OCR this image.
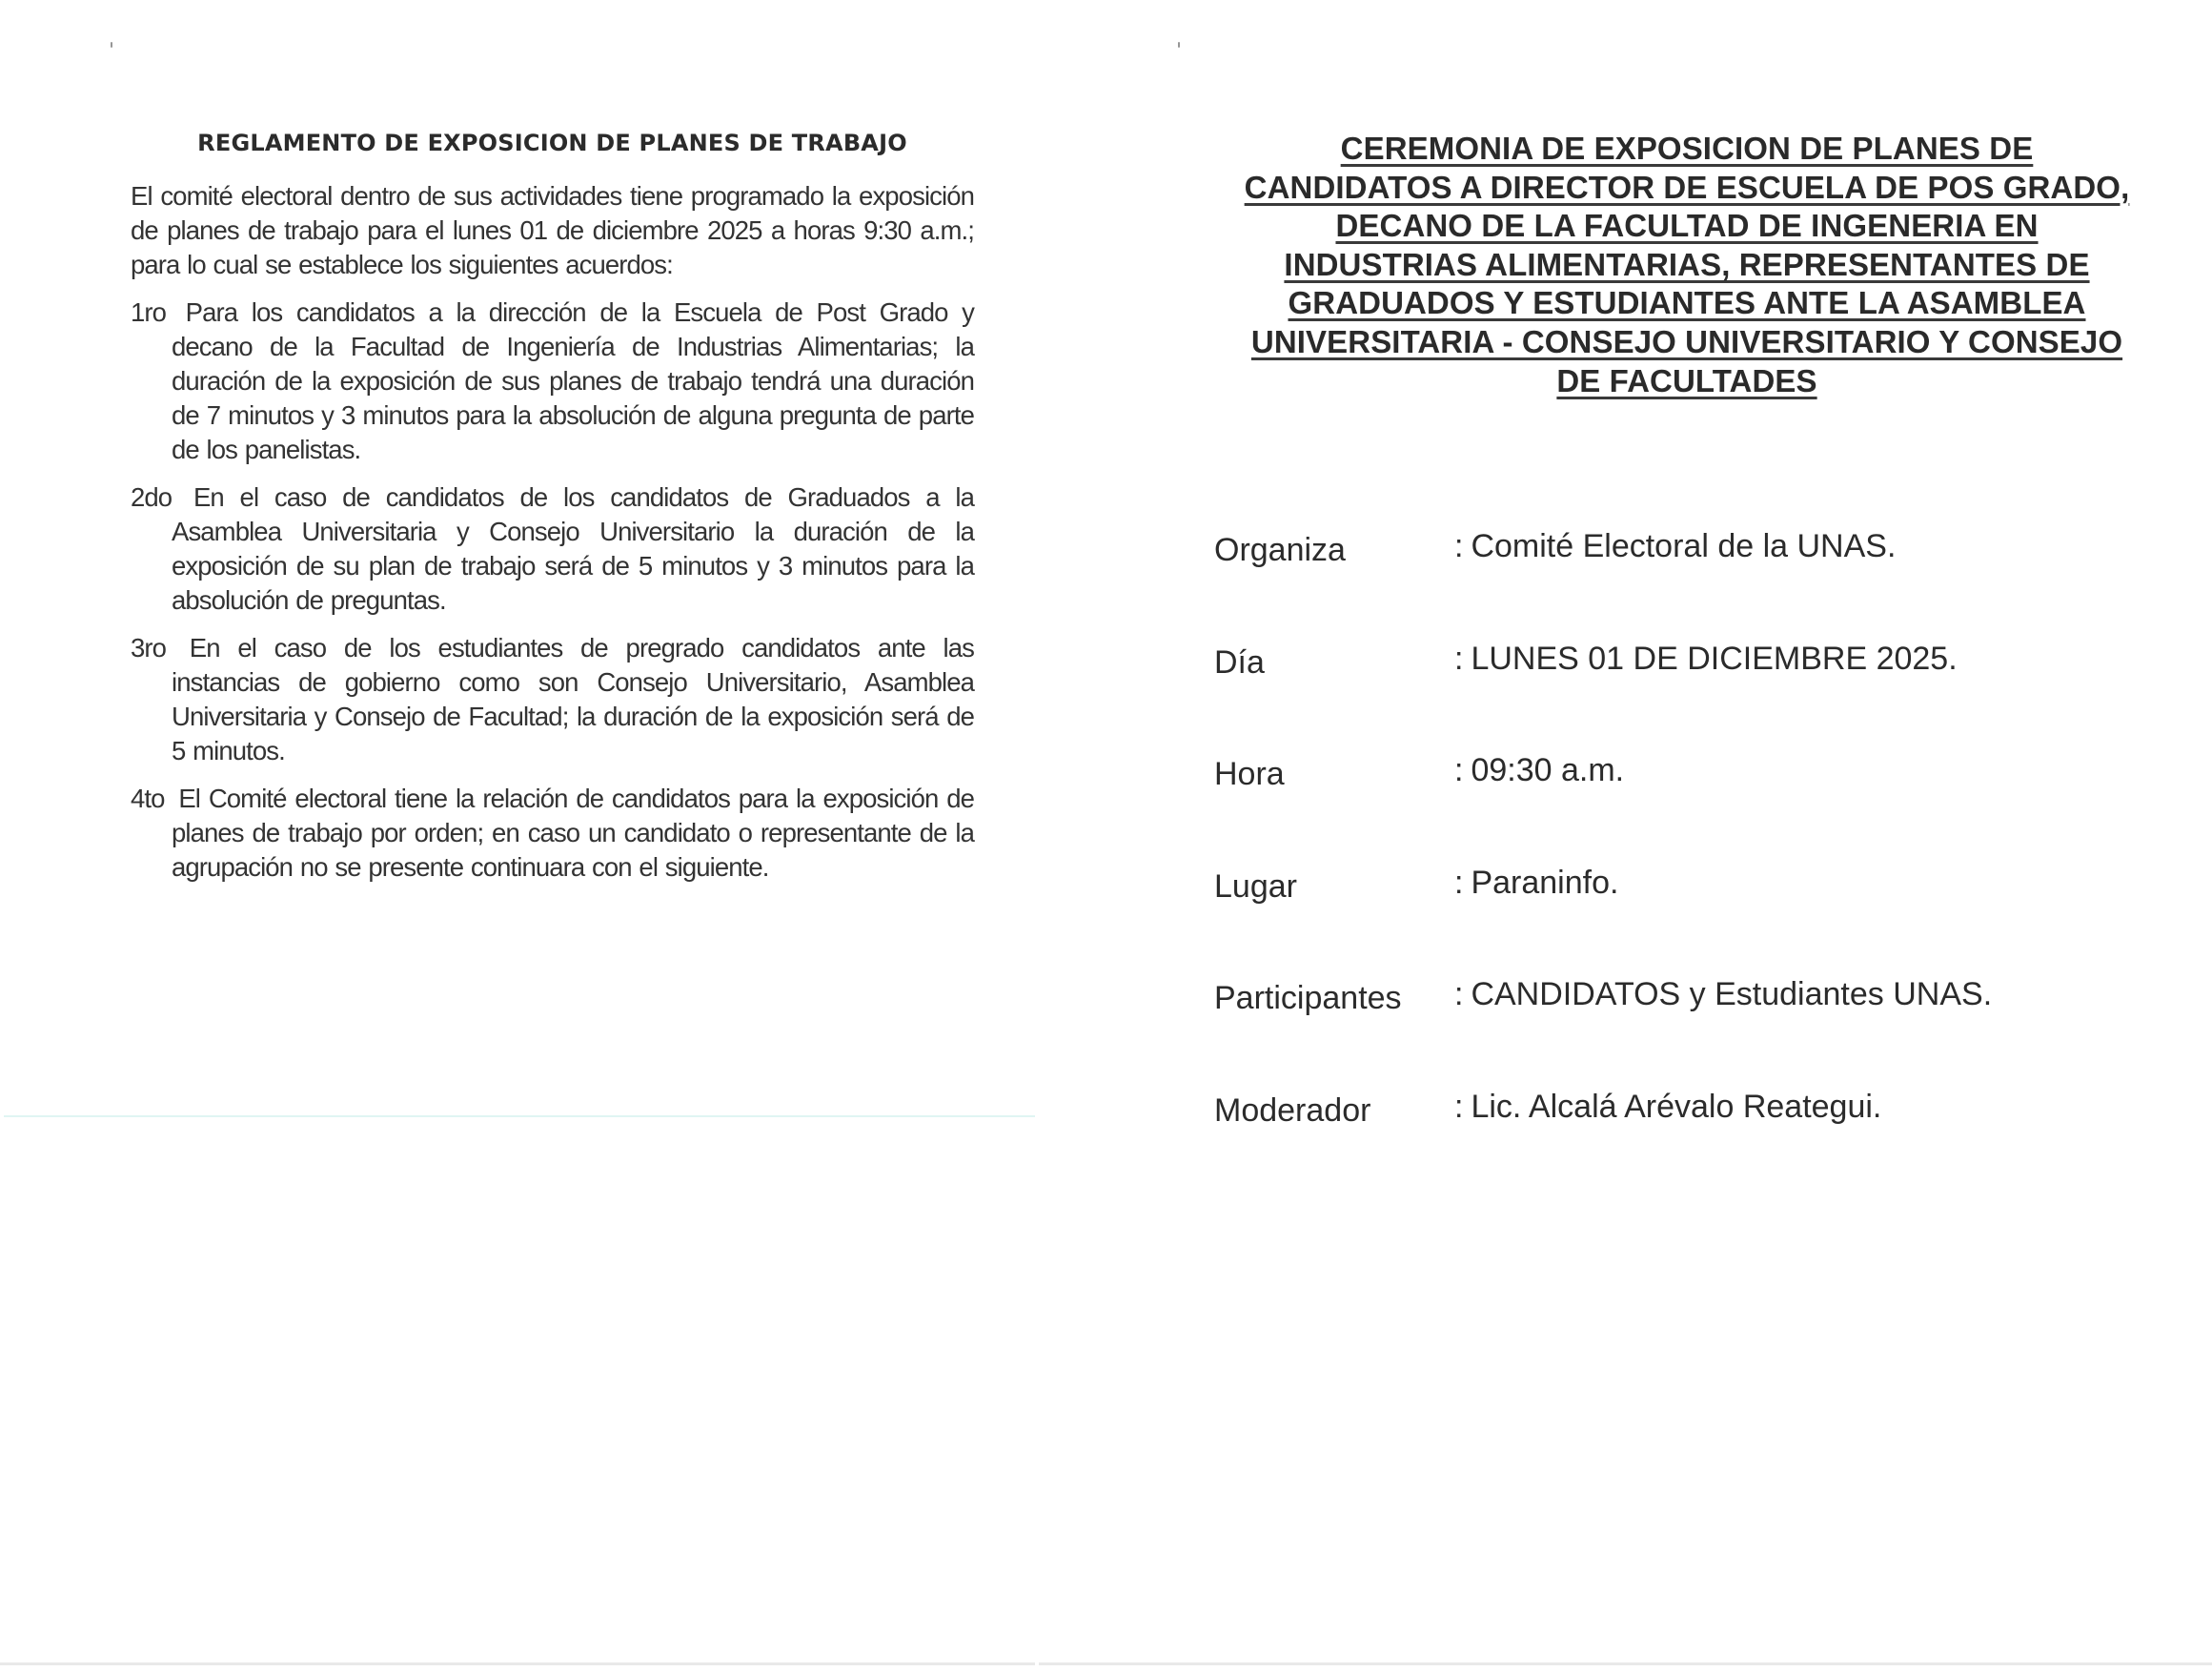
REGLAMENTO DE EXPOSICION DE PLANES DE TRABAJO

El comité electoral dentro de sus actividades tiene programado la exposición de planes de trabajo para el lunes 01 de diciembre 2025 a horas 9:30 a.m.; para lo cual se establece los siguientes acuerdos:

1ro Para los candidatos a la dirección de la Escuela de Post Grado y decano de la Facultad de Ingeniería de Industrias Alimentarias; la duración de la exposición de sus planes de trabajo tendrá una duración de 7 minutos y 3 minutos para la absolución de alguna pregunta de parte de los panelistas.

2do En el caso de candidatos de los candidatos de Graduados a la Asamblea Universitaria y Consejo Universitario la duración de la exposición de su plan de trabajo será de 5 minutos y 3 minutos para la absolución de preguntas.

3ro En el caso de los estudiantes de pregrado candidatos ante las instancias de gobierno como son Consejo Universitario, Asamblea Universitaria y Consejo de Facultad; la duración de la exposición será de 5 minutos.

4to El Comité electoral tiene la relación de candidatos para la exposición de planes de trabajo por orden; en caso un candidato o representante de la agrupación no se presente continuara con el siguiente.

CEREMONIA DE EXPOSICION DE PLANES DE
CANDIDATOS A DIRECTOR DE ESCUELA DE POS GRADO,
DECANO DE LA FACULTAD DE INGENERIA EN
INDUSTRIAS ALIMENTARIAS, REPRESENTANTES DE
GRADUADOS Y ESTUDIANTES ANTE LA ASAMBLEA
UNIVERSITARIA - CONSEJO UNIVERSITARIO Y CONSEJO
DE FACULTADES
Organiza	: Comité Electoral de la UNAS.
Día	: LUNES 01 DE DICIEMBRE 2025.
Hora	: 09:30 a.m.
Lugar	: Paraninfo.
Participantes : CANDIDATOS y Estudiantes UNAS.
Moderador	: Lic. Alcalá Arévalo Reategui.
